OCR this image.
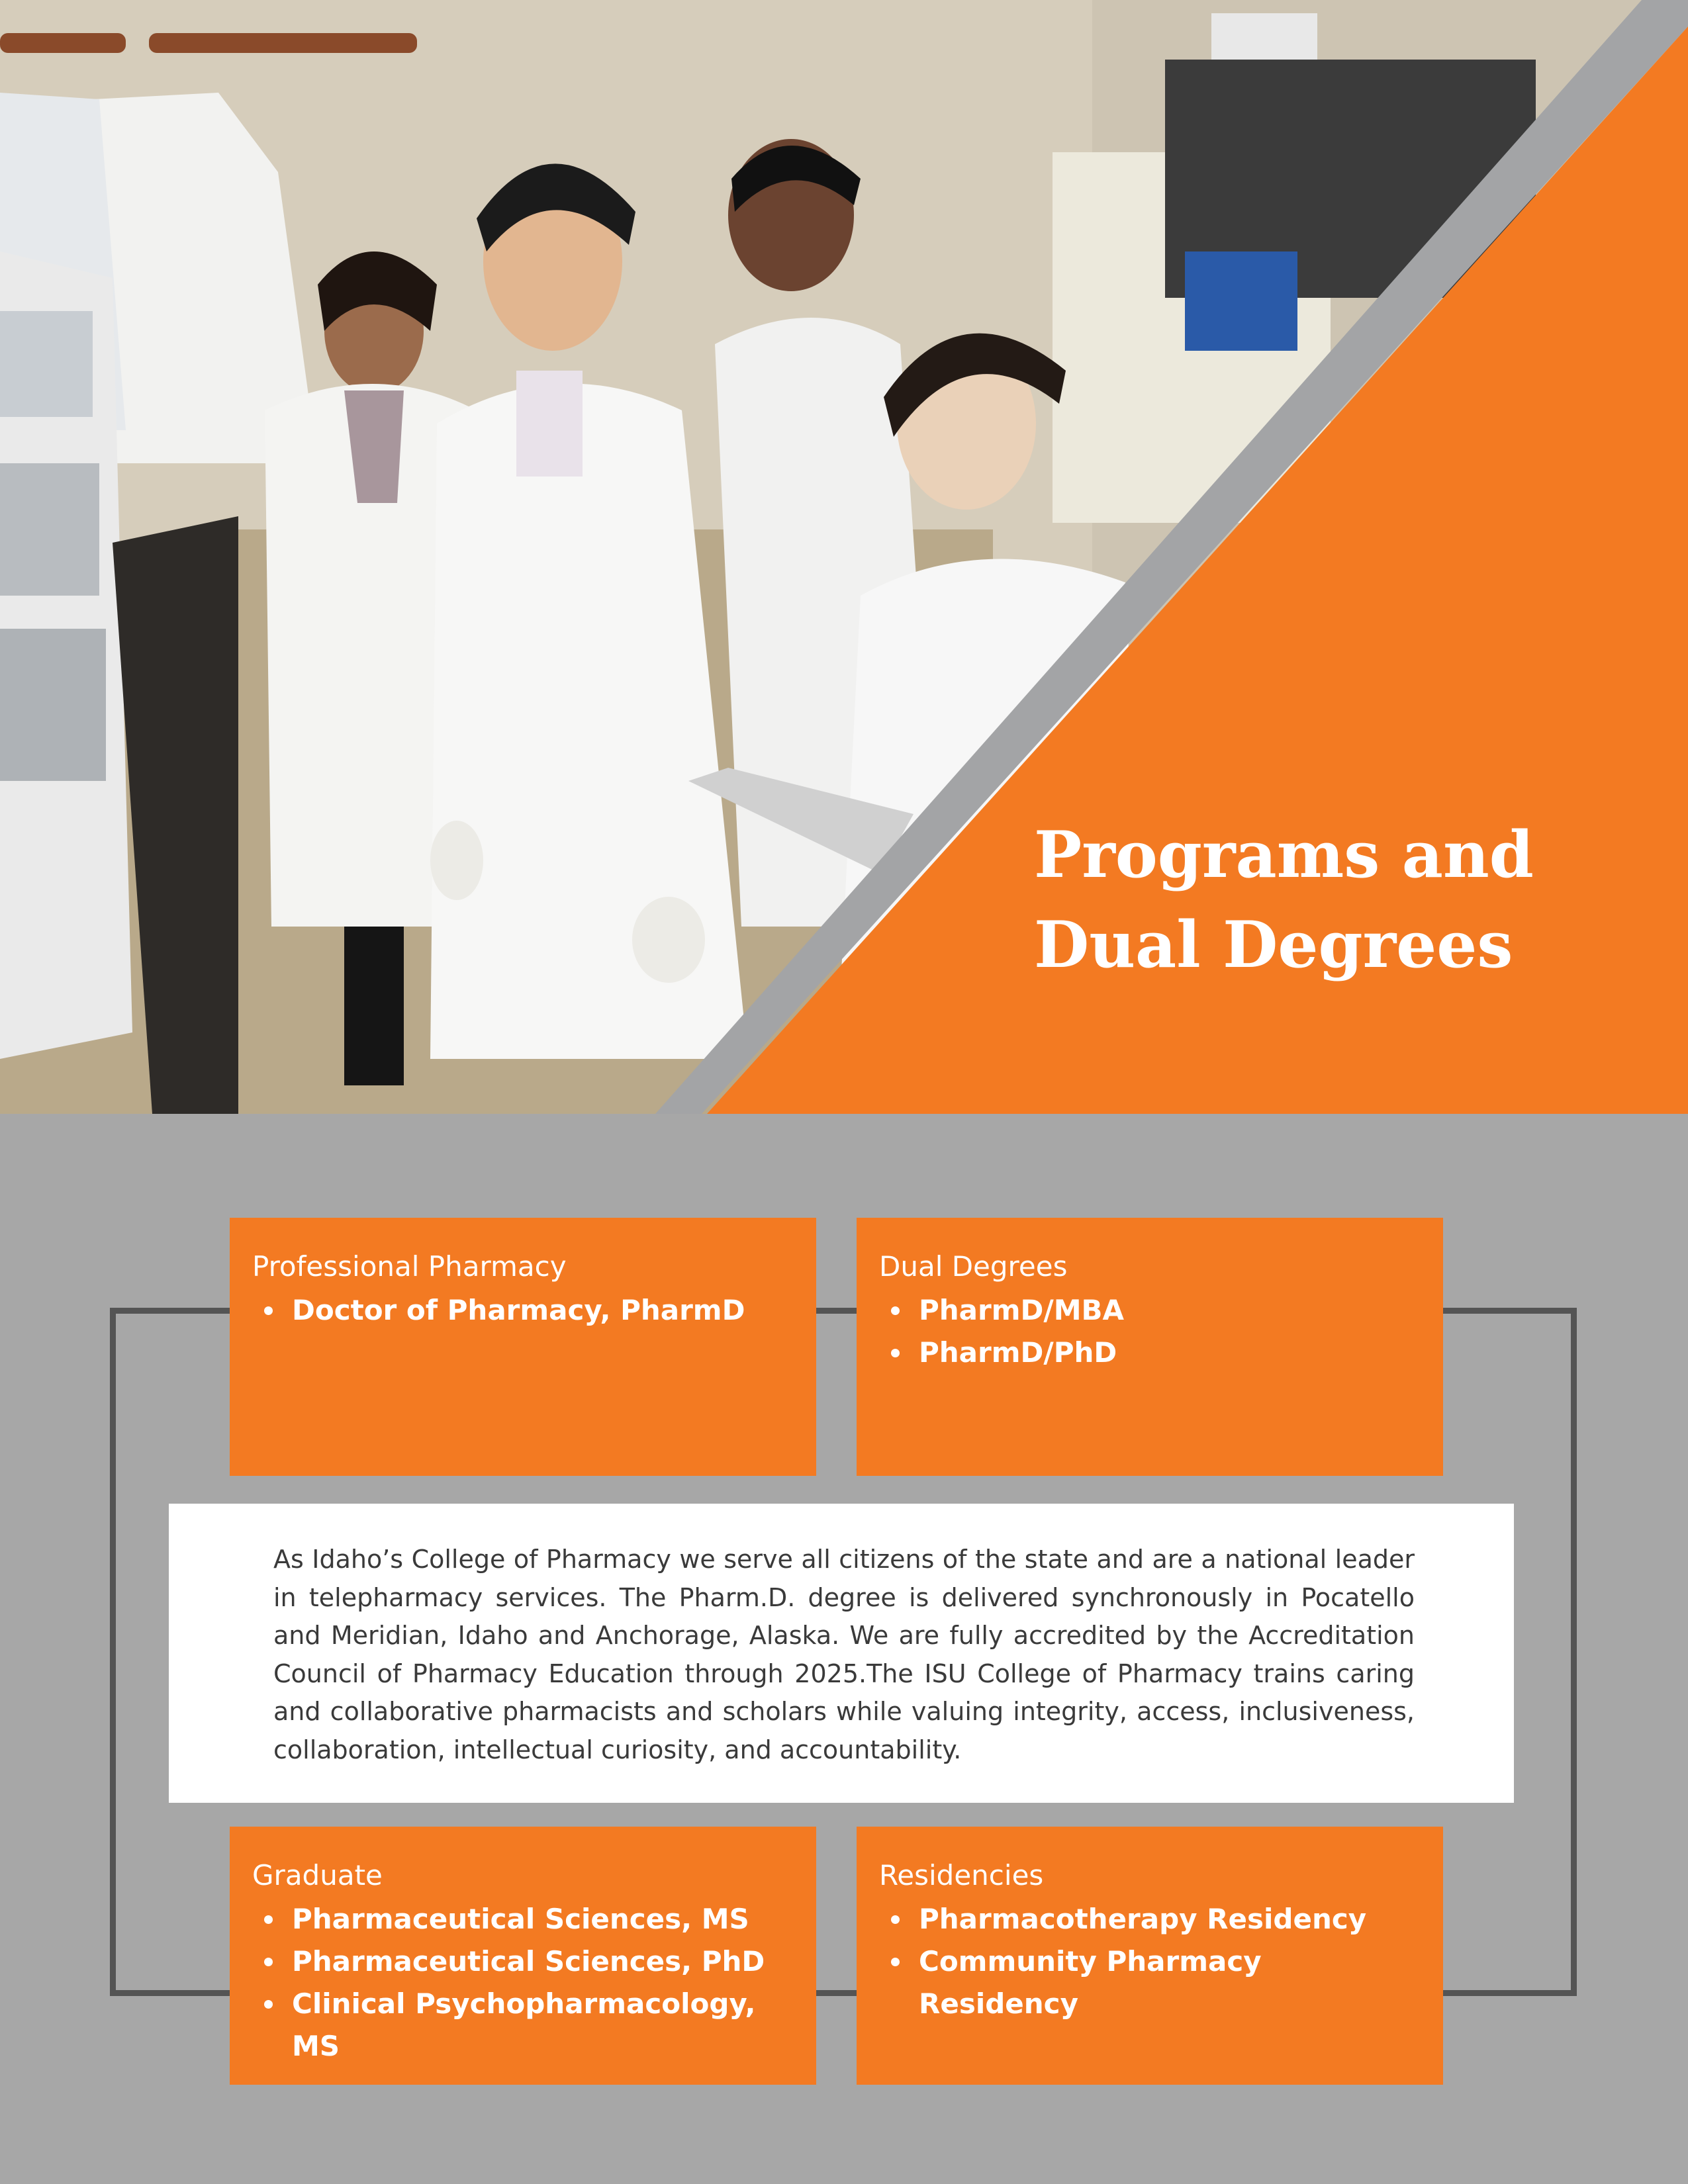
Programs and
Dual Degrees
Professional Pharmacy
Doctor of Pharmacy, PharmD
Dual Degrees
PharmD/MBA
PharmD/PhD

As Idaho’s College of Pharmacy we serve all citizens of the state and are a national leader in telepharmacy services. The Pharm.D. degree is delivered synchronously in Pocatello and Meridian, Idaho and Anchorage, Alaska. We are fully accredited by the Accreditation Council of Pharmacy Education through 2025.The ISU College of Pharmacy trains caring and collaborative pharmacists and scholars while valuing integrity, access, inclusiveness, collaboration, intellectual curiosity, and accountability.

Graduate
Pharmaceutical Sciences, MS
Pharmaceutical Sciences, PhD
Clinical Psychopharmacology, MS
Residencies
Pharmacotherapy Residency
Community Pharmacy Residency
